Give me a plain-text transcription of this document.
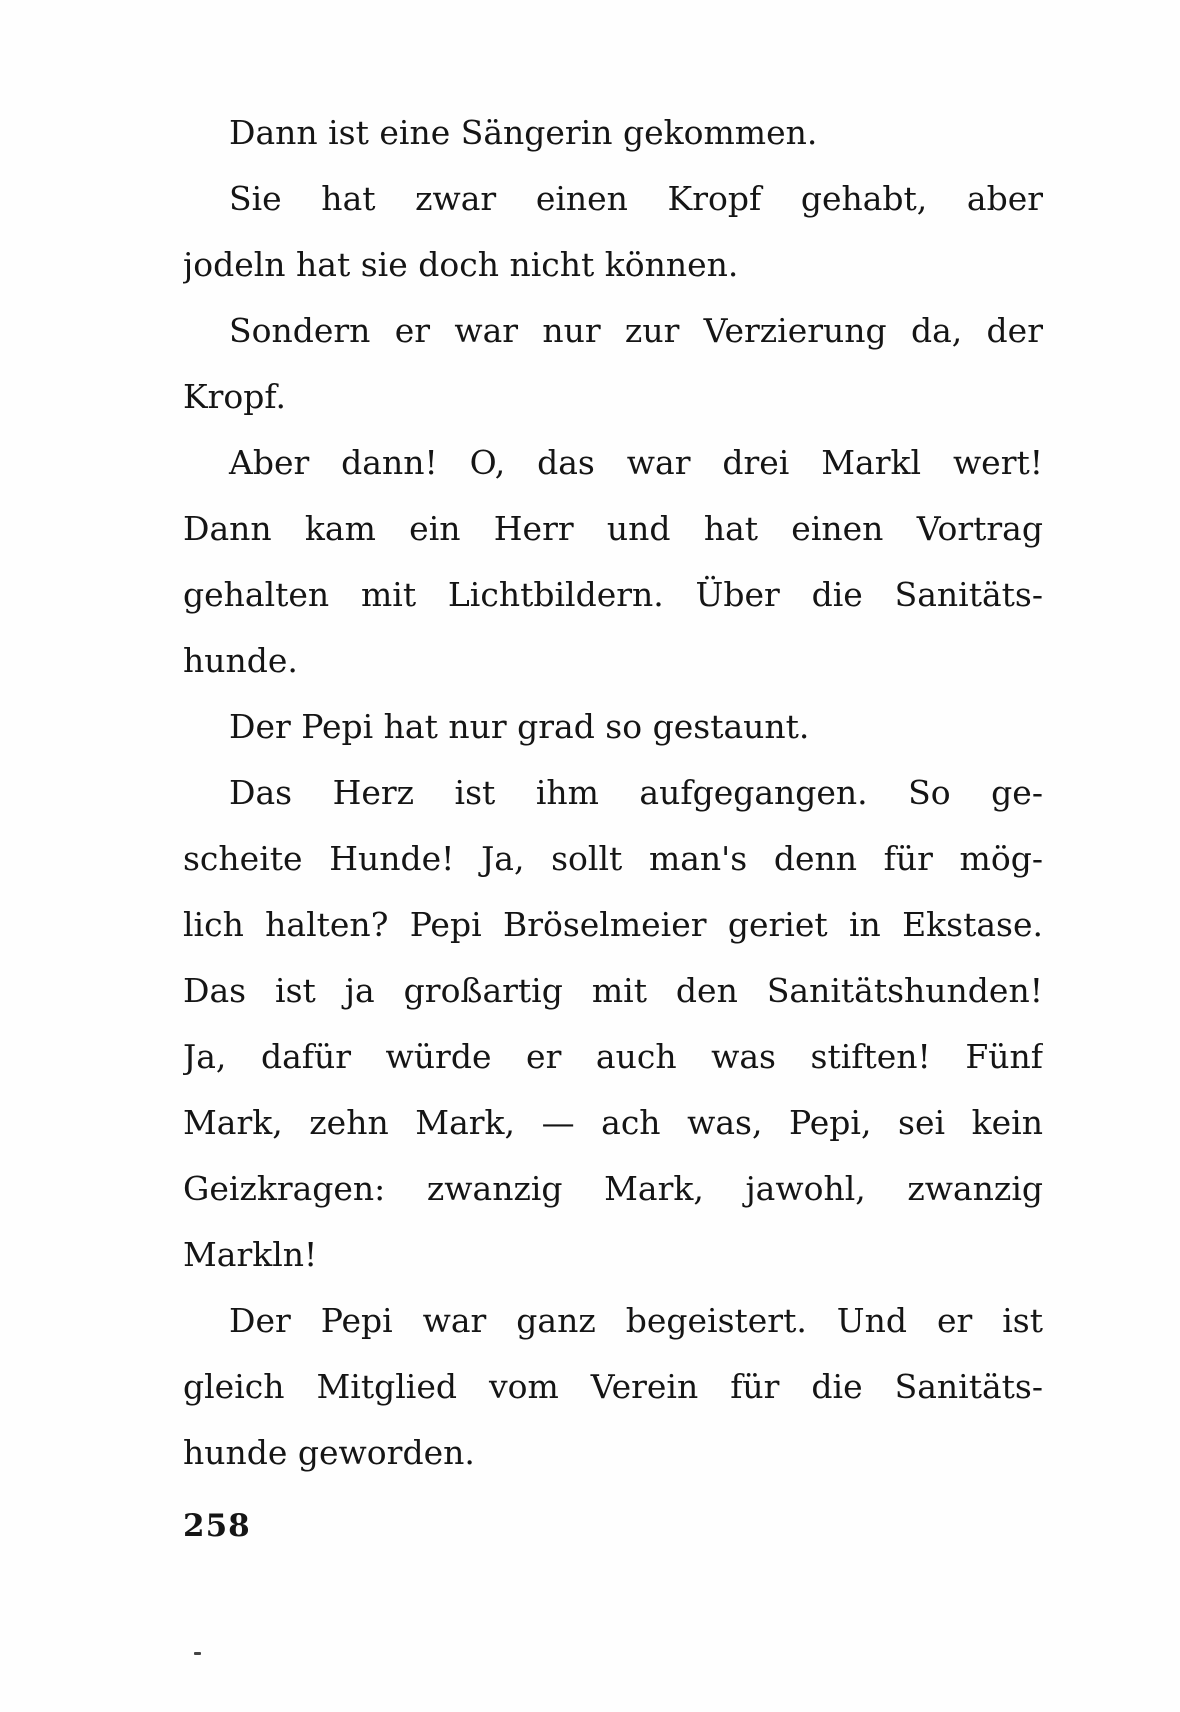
Dann ist eine Sängerin gekommen.
Sie hat zwar einen Kropf gehabt, aber
jodeln hat sie doch nicht können.
Sondern er war nur zur Verzierung da, der
Kropf.
Aber dann! O, das war drei Markl wert!
Dann kam ein Herr und hat einen Vortrag
gehalten mit Lichtbildern. Über die Sanitäts-
hunde.
Der Pepi hat nur grad so gestaunt.
Das Herz ist ihm aufgegangen. So ge-
scheite Hunde! Ja, sollt man's denn für mög-
lich halten? Pepi Bröselmeier geriet in Ekstase.
Das ist ja großartig mit den Sanitätshunden!
Ja, dafür würde er auch was stiften! Fünf
Mark, zehn Mark, — ach was, Pepi, sei kein
Geizkragen: zwanzig Mark, jawohl, zwanzig
Markln!
Der Pepi war ganz begeistert. Und er ist
gleich Mitglied vom Verein für die Sanitäts-
hunde geworden.
258
